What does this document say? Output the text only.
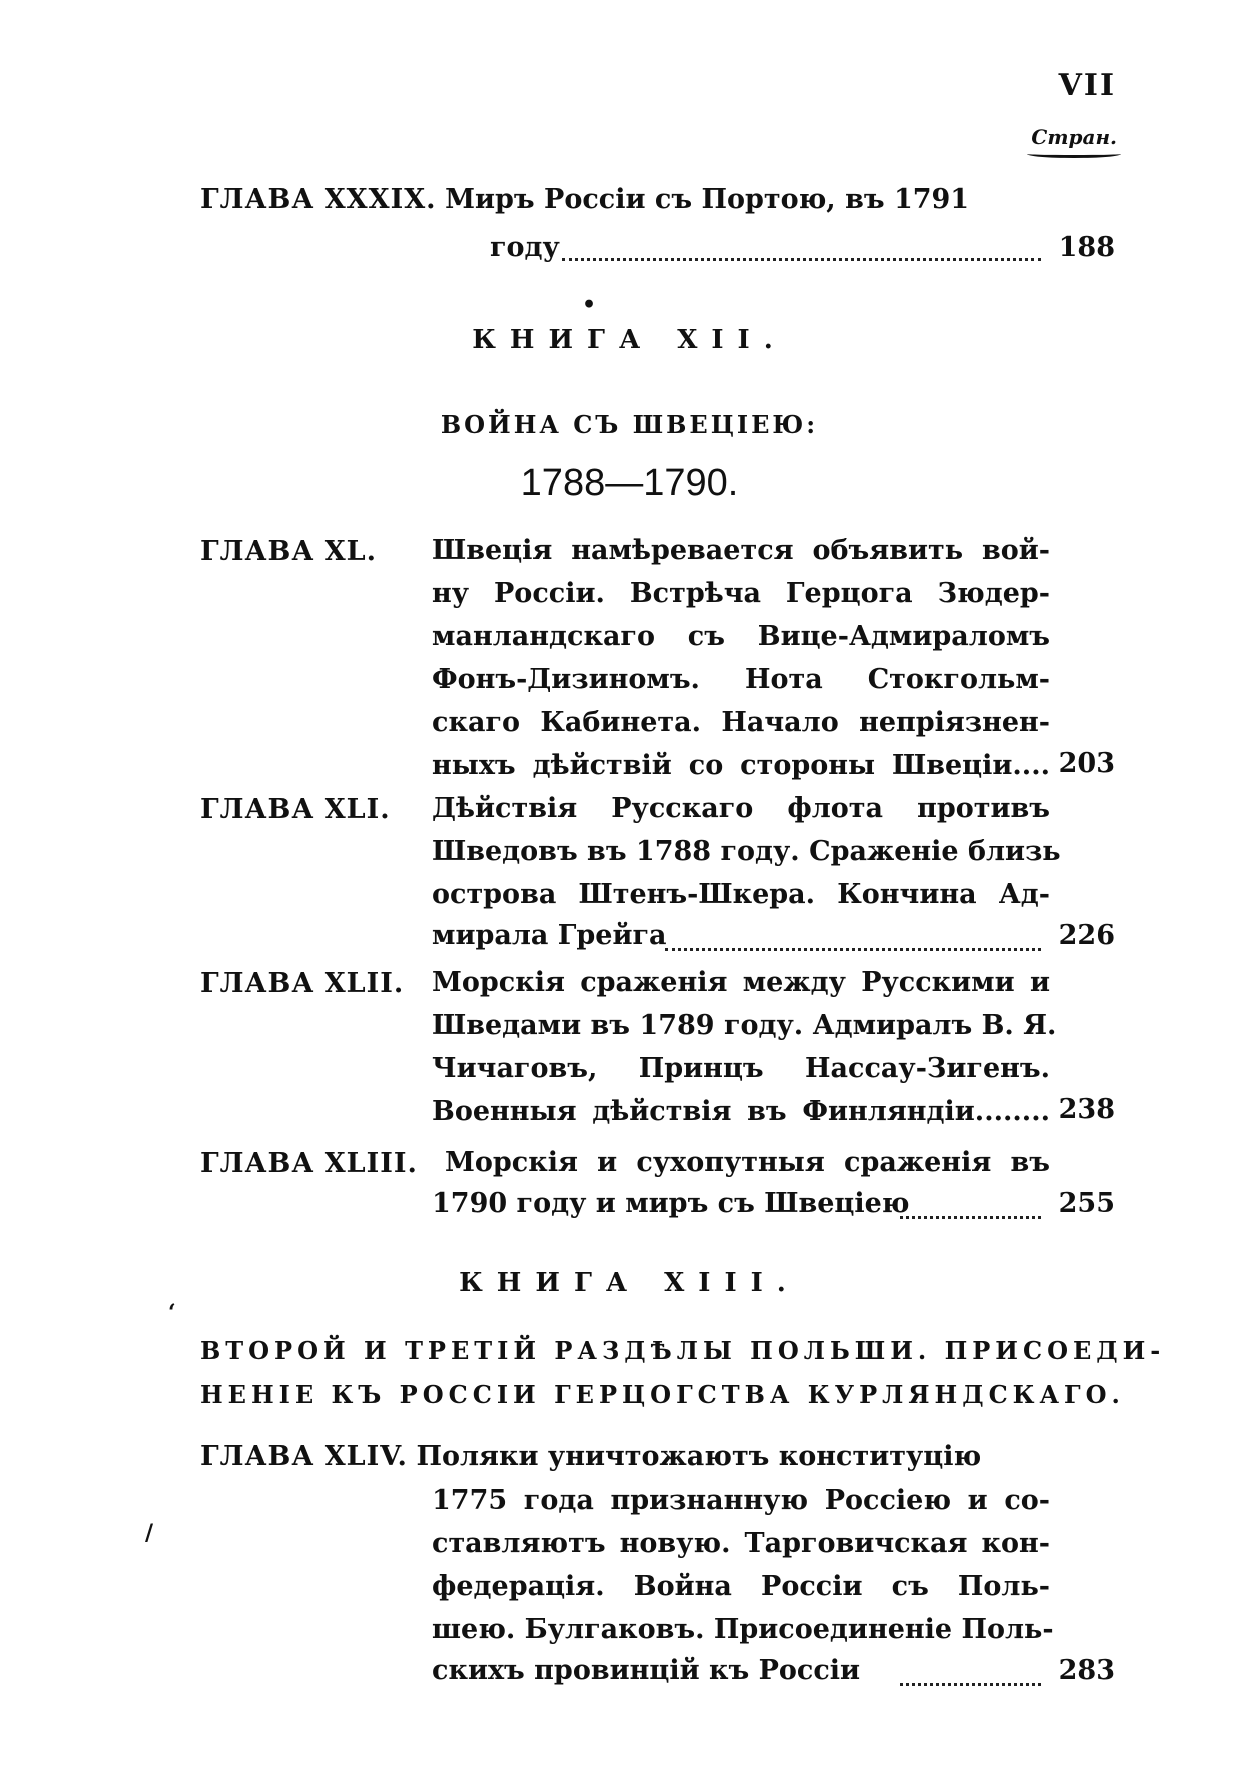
VII
Стран.
ГЛАВА XXXIX. Миръ Россіи съ Портою, въ 1791
году	188
•
КНИГА XII.
ВОЙНА СЪ ШВЕЦІЕЮ:
1788—1790.
ГЛАВА XL. Швеція намѣреваетcя объявить вой-
ну Россіи. Встрѣча Герцога Зюдер-
манландскаго съ Вице-Адмираломъ
Фонъ-Дизиномъ. Нота Стокгольм-
скаго Кабинета. Начало непріязнен-
ныхъ дѣйствій со стороны Швеціи.... 203
ГЛАВА XLI. Дѣйствія Русскаго флота противъ
Шведовъ въ 1788 году. Сраженіе близь
острова Штенъ-Шкера. Кончина Ад-
мирала Грейга	226
ГЛАВА XLII. Морскія сраженія между Русскими и
Шведами въ 1789 году. Адмиралъ В. Я.
Чичаговъ, Принцъ Нассау-Зигенъ.
Военныя дѣйствія въ Финляндіи........ 238
ГЛАВА XLIII. Морскія и сухопутныя сраженія въ
1790 году и миръ съ Швеціею	255
КНИГА XIII.
‘
ВТОРОЙ И ТРЕТІЙ РАЗДѢЛЫ ПОЛЬШИ. ПРИСОЕДИ-
НЕНІЕ КЪ РОССІИ ГЕРЦОГСТВА КУРЛЯНДСКАГО.
ГЛАВА XLIV. Поляки уничтожаютъ конституцію
1775 года признанную Россіею и со-
ставляютъ новую. Тарговичская кон-
федерація. Война Россіи съ Поль-
шею. Булгаковъ. Присоединеніе Поль-
скихъ провинцій къ Россіи
/
283
